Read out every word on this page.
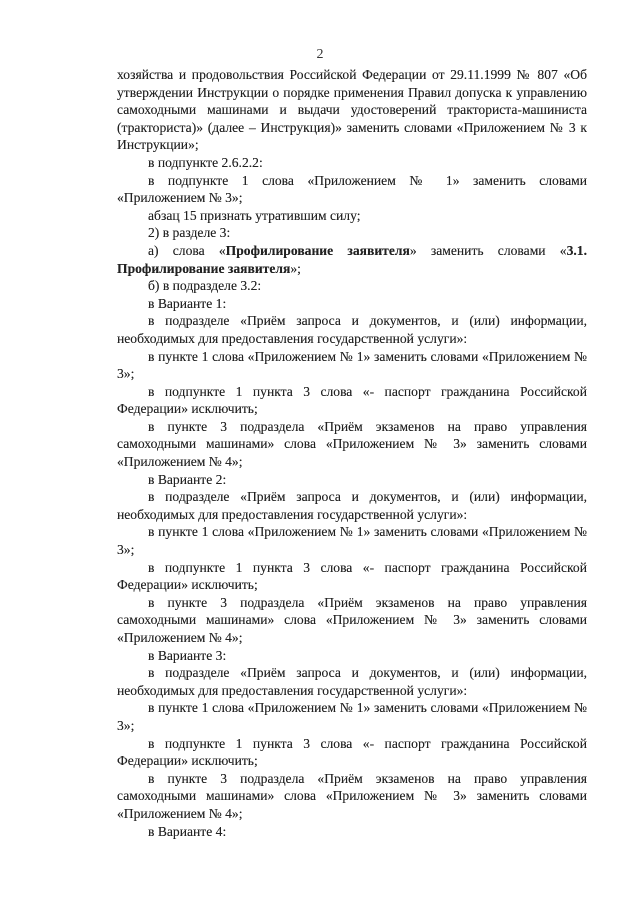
2

хозяйства и продовольствия Российской Федерации от 29.11.1999 № 807 «Об утверждении Инструкции о порядке применения Правил допуска к управлению самоходными машинами и выдачи удостоверений тракториста-машиниста (тракториста)» (далее – Инструкция)» заменить словами «Приложением № 3 к Инструкции»;

в подпункте 2.6.2.2:

в подпункте 1 слова «Приложением № 1» заменить словами «Приложением № 3»;

абзац 15 признать утратившим силу;

2) в разделе 3:

а) слова «Профилирование заявителя» заменить словами «3.1. Профилирование заявителя»;

б) в подразделе 3.2:

в Варианте 1:

в подразделе «Приём запроса и документов, и (или) информации, необходимых для предоставления государственной услуги»:

в пункте 1 слова «Приложением № 1» заменить словами «Приложением № 3»;

в подпункте 1 пункта 3 слова «- паспорт гражданина Российской Федерации» исключить;

в пункте 3 подраздела «Приём экзаменов на право управления самоходными машинами» слова «Приложением № 3» заменить словами «Приложением № 4»;

в Варианте 2:

в подразделе «Приём запроса и документов, и (или) информации, необходимых для предоставления государственной услуги»:

в пункте 1 слова «Приложением № 1» заменить словами «Приложением № 3»;

в подпункте 1 пункта 3 слова «- паспорт гражданина Российской Федерации» исключить;

в пункте 3 подраздела «Приём экзаменов на право управления самоходными машинами» слова «Приложением № 3» заменить словами «Приложением № 4»;

в Варианте 3:

в подразделе «Приём запроса и документов, и (или) информации, необходимых для предоставления государственной услуги»:

в пункте 1 слова «Приложением № 1» заменить словами «Приложением № 3»;

в подпункте 1 пункта 3 слова «- паспорт гражданина Российской Федерации» исключить;

в пункте 3 подраздела «Приём экзаменов на право управления самоходными машинами» слова «Приложением № 3» заменить словами «Приложением № 4»;

в Варианте 4:
